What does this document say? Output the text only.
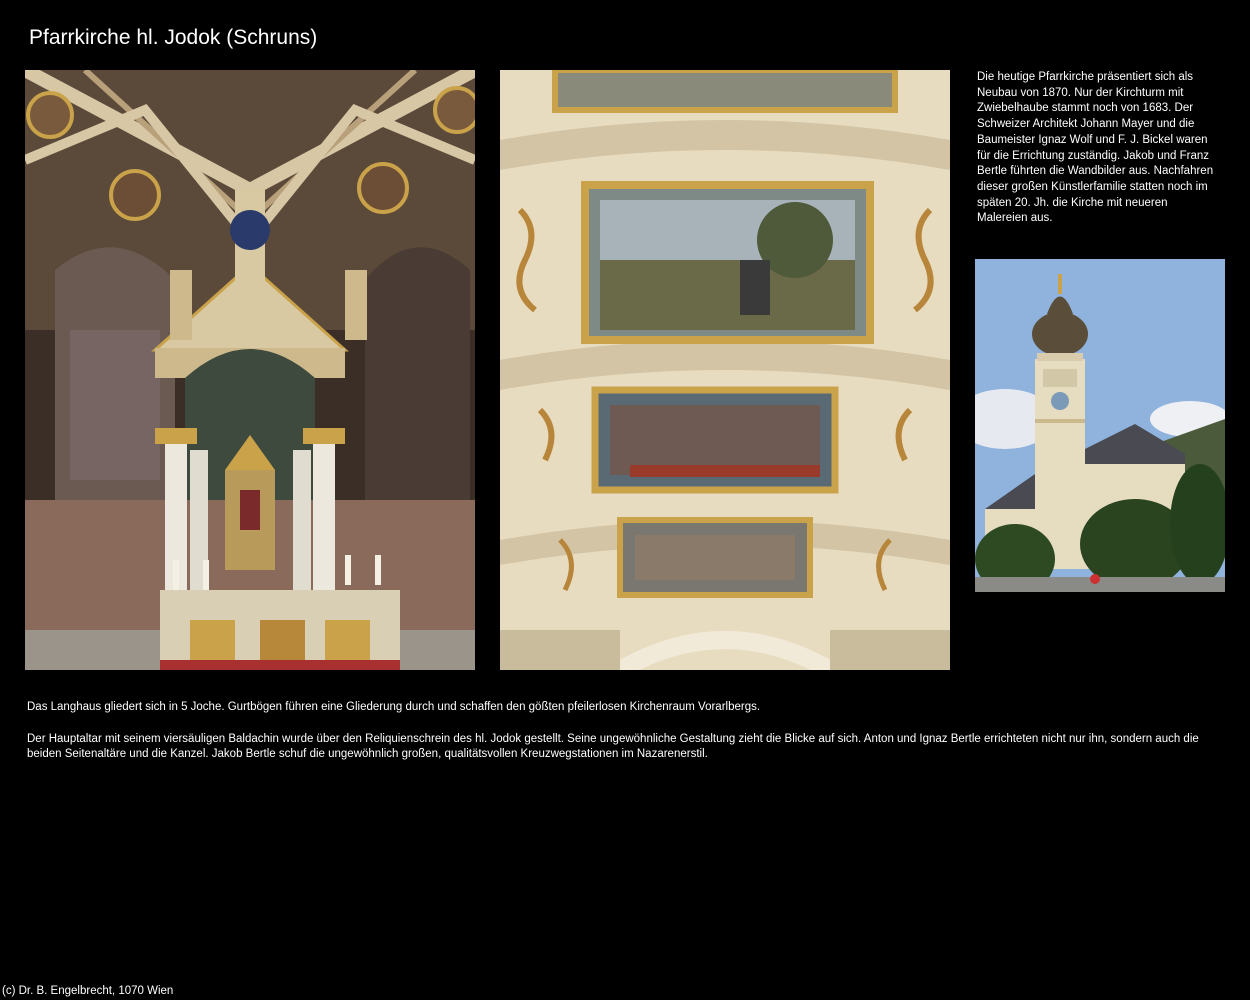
Pfarrkirche hl. Jodok (Schruns)

Die heutige Pfarrkirche präsentiert sich als Neubau von 1870. Nur der Kirchturm mit Zwiebelhaube stammt noch von 1683. Der Schweizer Architekt Johann Mayer und die Baumeister Ignaz Wolf und F. J. Bickel waren für die Errichtung zuständig. Jakob und Franz Bertle führten die Wandbilder aus. Nachfahren dieser großen Künstlerfamilie statten noch im späten 20. Jh. die Kirche mit neueren Malereien aus.

Das Langhaus gliedert sich in 5 Joche. Gurtbögen führen eine Gliederung durch und schaffen den gößten pfeilerlosen Kirchenraum Vorarlbergs.

Der Hauptaltar mit seinem viersäuligen Baldachin wurde über den Reliquienschrein des hl. Jodok gestellt. Seine ungewöhnliche Gestaltung zieht die Blicke auf sich. Anton und Ignaz Bertle errichteten nicht nur ihn, sondern auch die beiden Seitenaltäre und die Kanzel. Jakob Bertle schuf die ungewöhnlich großen, qualitätsvollen Kreuzwegstationen im Nazarenerstil.

(c) Dr. B. Engelbrecht, 1070 Wien
